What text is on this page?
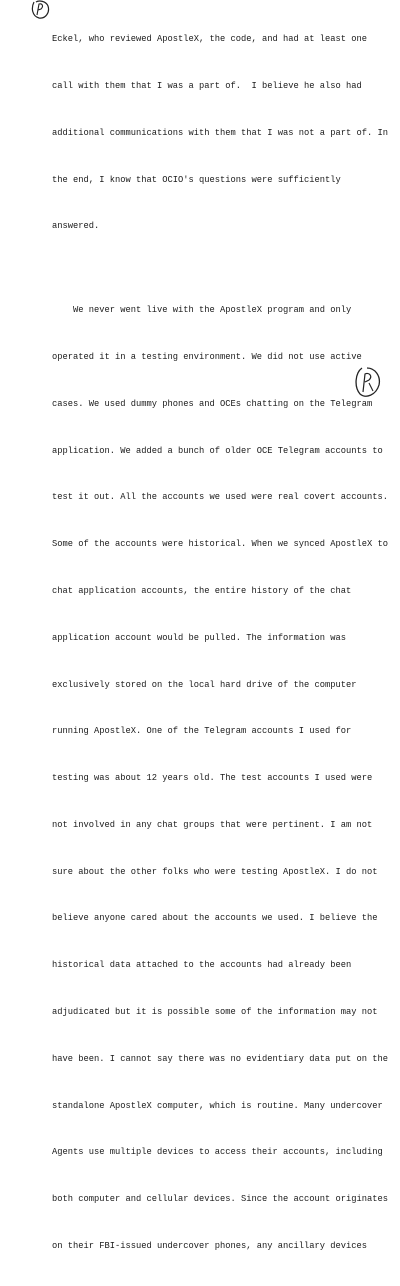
Eckel, who reviewed ApostleX, the code, and had at least one

call with them that I was a part of.  I believe he also had

additional communications with them that I was not a part of. In

the end, I know that OCIO's questions were sufficiently

answered.

We never went live with the ApostleX program and only

operated it in a testing environment. We did not use active

cases. We used dummy phones and OCEs chatting on the Telegram

application. We added a bunch of older OCE Telegram accounts to

test it out. All the accounts we used were real covert accounts.

Some of the accounts were historical. When we synced ApostleX to

chat application accounts, the entire history of the chat

application account would be pulled. The information was

exclusively stored on the local hard drive of the computer

running ApostleX. One of the Telegram accounts I used for

testing was about 12 years old. The test accounts I used were

not involved in any chat groups that were pertinent. I am not

sure about the other folks who were testing ApostleX. I do not

believe anyone cared about the accounts we used. I believe the

historical data attached to the accounts had already been

adjudicated but it is possible some of the information may not

have been. I cannot say there was no evidentiary data put on the

standalone ApostleX computer, which is routine. Many undercover

Agents use multiple devices to access their accounts, including

both computer and cellular devices. Since the account originates

on their FBI-issued undercover phones, any ancillary devices
